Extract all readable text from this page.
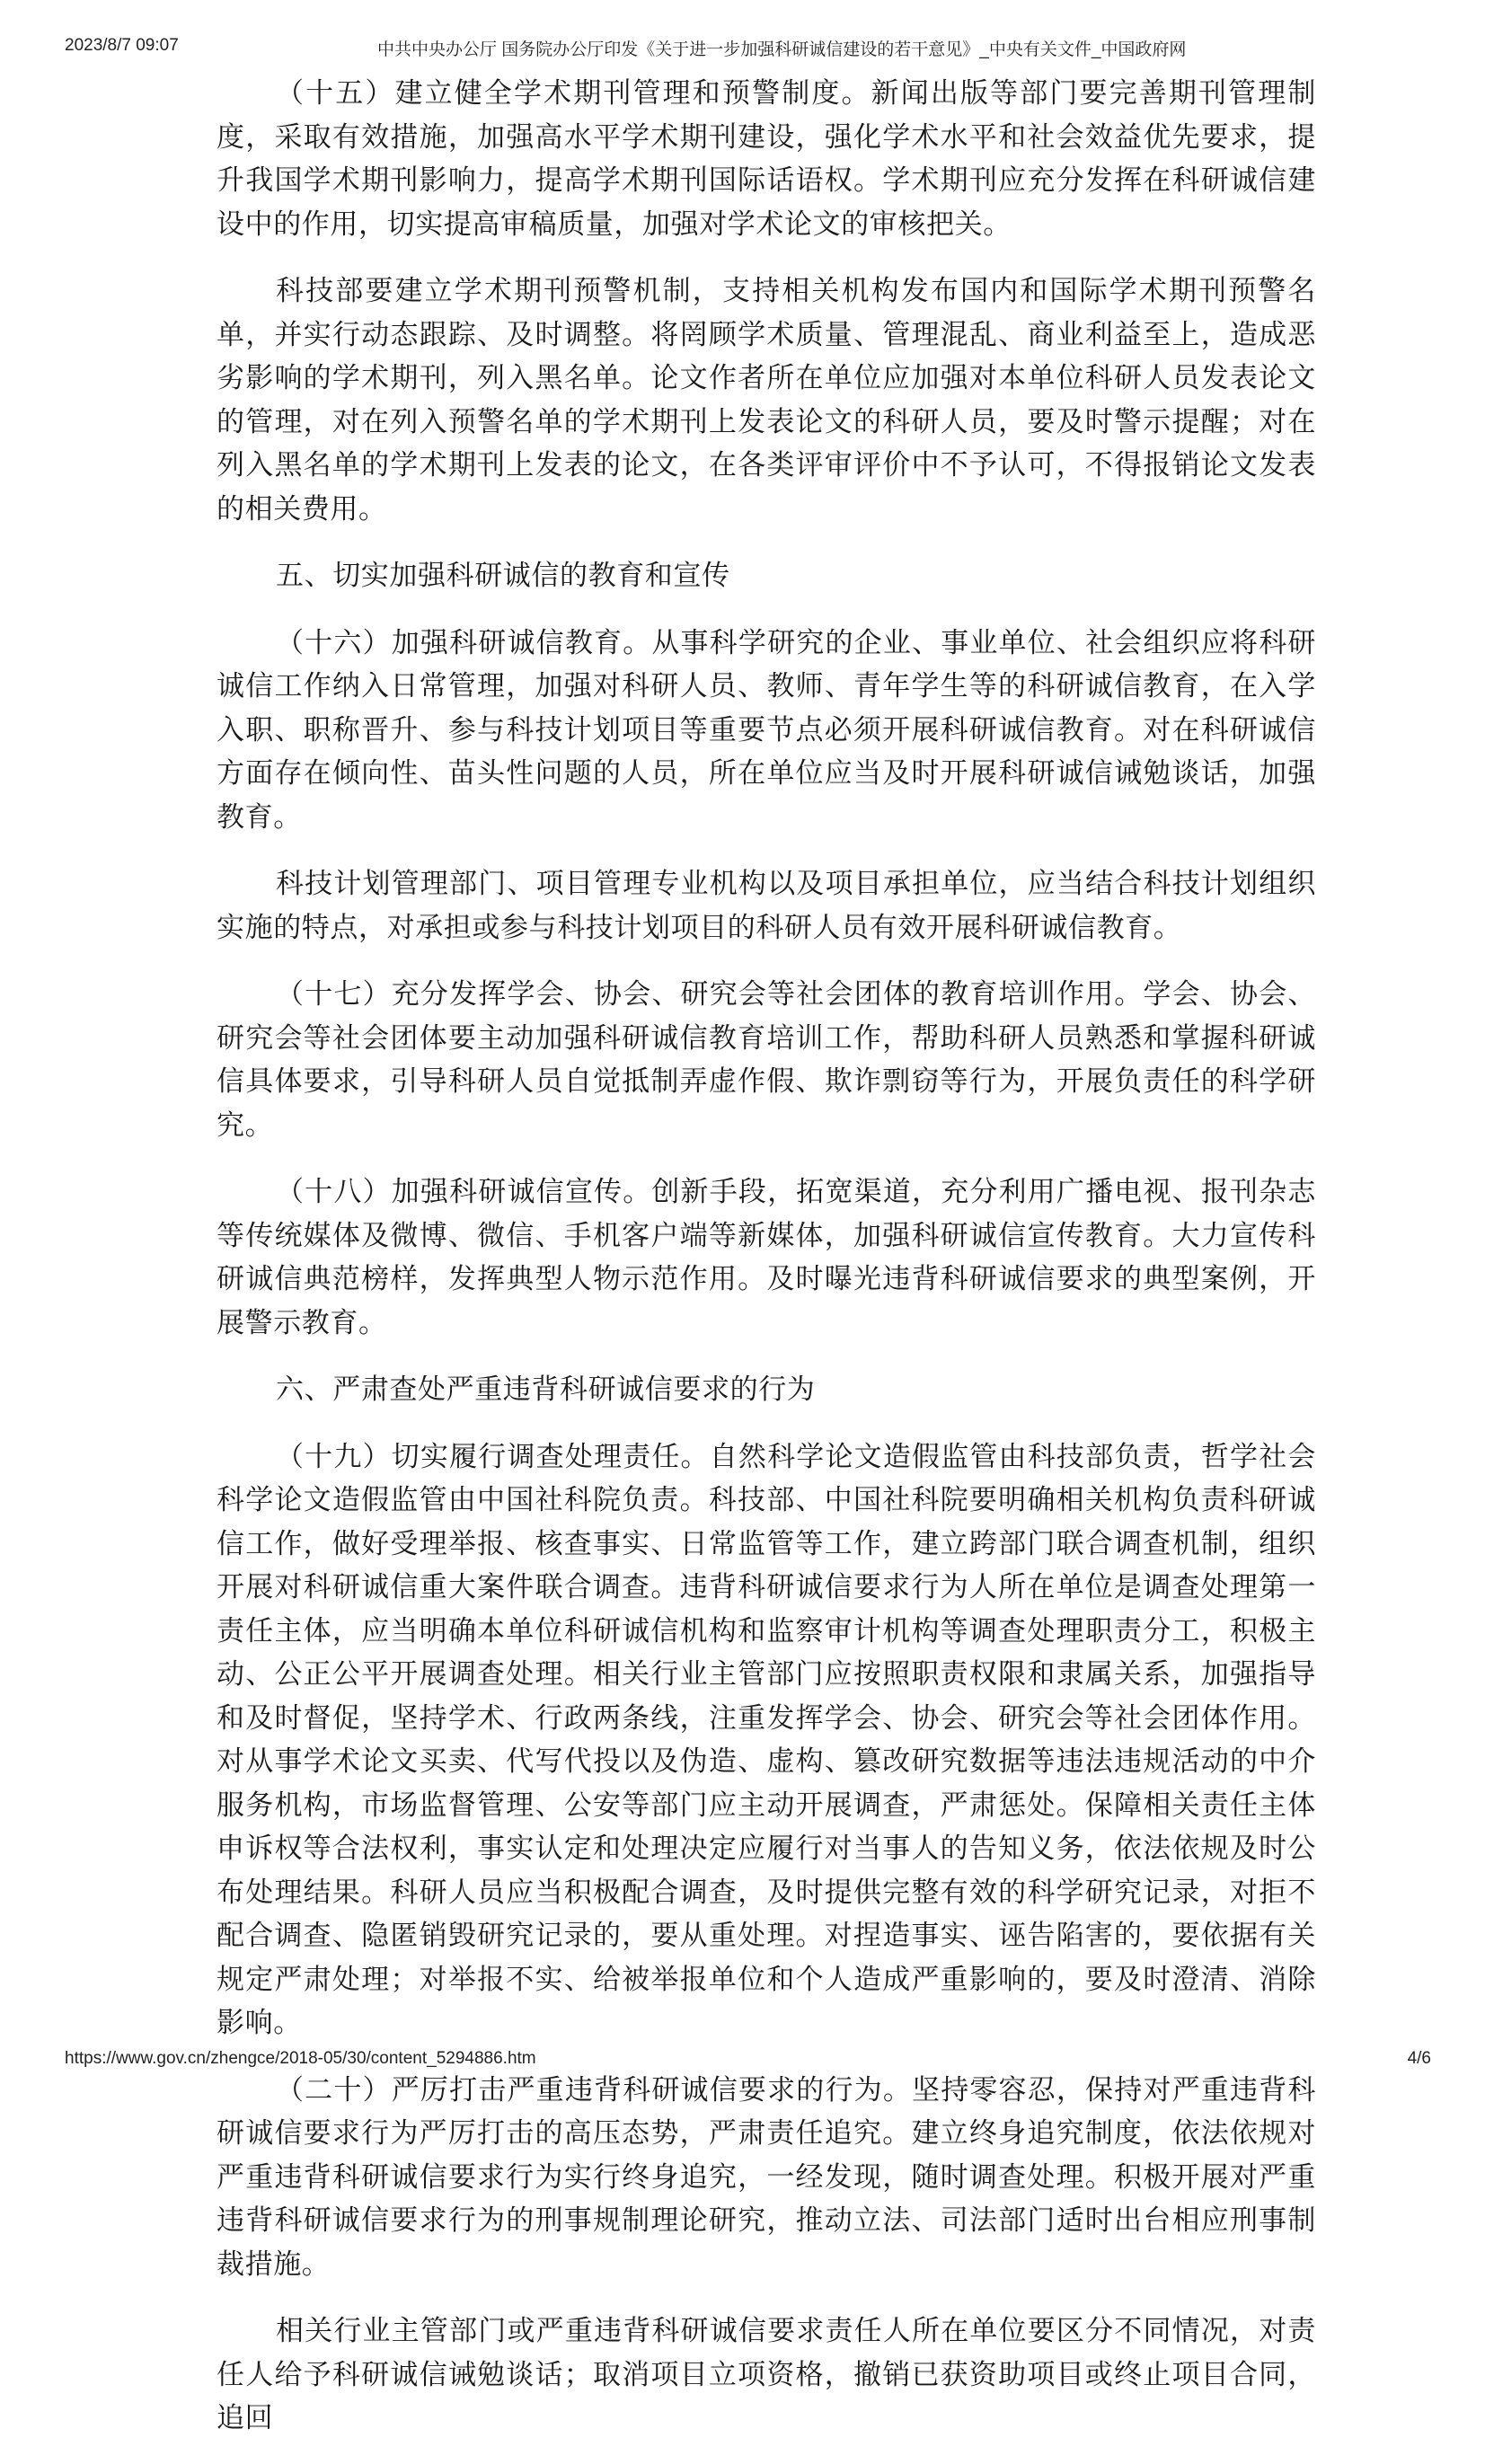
2023/8/7 09:07	中共中央办公厅 国务院办公厅印发《关于进一步加强科研诚信建设的若干意见》_中央有关文件_中国政府网

（十五）建立健全学术期刊管理和预警制度。新闻出版等部门要完善期刊管理制度，采取有效措施，加强高水平学术期刊建设，强化学术水平和社会效益优先要求，提升我国学术期刊影响力，提高学术期刊国际话语权。学术期刊应充分发挥在科研诚信建设中的作用，切实提高审稿质量，加强对学术论文的审核把关。

科技部要建立学术期刊预警机制，支持相关机构发布国内和国际学术期刊预警名单，并实行动态跟踪、及时调整。将罔顾学术质量、管理混乱、商业利益至上，造成恶劣影响的学术期刊，列入黑名单。论文作者所在单位应加强对本单位科研人员发表论文的管理，对在列入预警名单的学术期刊上发表论文的科研人员，要及时警示提醒；对在列入黑名单的学术期刊上发表的论文，在各类评审评价中不予认可，不得报销论文发表的相关费用。

五、切实加强科研诚信的教育和宣传

（十六）加强科研诚信教育。从事科学研究的企业、事业单位、社会组织应将科研诚信工作纳入日常管理，加强对科研人员、教师、青年学生等的科研诚信教育，在入学入职、职称晋升、参与科技计划项目等重要节点必须开展科研诚信教育。对在科研诚信方面存在倾向性、苗头性问题的人员，所在单位应当及时开展科研诚信诫勉谈话，加强教育。

科技计划管理部门、项目管理专业机构以及项目承担单位，应当结合科技计划组织实施的特点，对承担或参与科技计划项目的科研人员有效开展科研诚信教育。

（十七）充分发挥学会、协会、研究会等社会团体的教育培训作用。学会、协会、研究会等社会团体要主动加强科研诚信教育培训工作，帮助科研人员熟悉和掌握科研诚信具体要求，引导科研人员自觉抵制弄虚作假、欺诈剽窃等行为，开展负责任的科学研究。

（十八）加强科研诚信宣传。创新手段，拓宽渠道，充分利用广播电视、报刊杂志等传统媒体及微博、微信、手机客户端等新媒体，加强科研诚信宣传教育。大力宣传科研诚信典范榜样，发挥典型人物示范作用。及时曝光违背科研诚信要求的典型案例，开展警示教育。

六、严肃查处严重违背科研诚信要求的行为

（十九）切实履行调查处理责任。自然科学论文造假监管由科技部负责，哲学社会科学论文造假监管由中国社科院负责。科技部、中国社科院要明确相关机构负责科研诚信工作，做好受理举报、核查事实、日常监管等工作，建立跨部门联合调查机制，组织开展对科研诚信重大案件联合调查。违背科研诚信要求行为人所在单位是调查处理第一责任主体，应当明确本单位科研诚信机构和监察审计机构等调查处理职责分工，积极主动、公正公平开展调查处理。相关行业主管部门应按照职责权限和隶属关系，加强指导和及时督促，坚持学术、行政两条线，注重发挥学会、协会、研究会等社会团体作用。对从事学术论文买卖、代写代投以及伪造、虚构、篡改研究数据等违法违规活动的中介服务机构，市场监督管理、公安等部门应主动开展调查，严肃惩处。保障相关责任主体申诉权等合法权利，事实认定和处理决定应履行对当事人的告知义务，依法依规及时公布处理结果。科研人员应当积极配合调查，及时提供完整有效的科学研究记录，对拒不配合调查、隐匿销毁研究记录的，要从重处理。对捏造事实、诬告陷害的，要依据有关规定严肃处理；对举报不实、给被举报单位和个人造成严重影响的，要及时澄清、消除影响。

（二十）严厉打击严重违背科研诚信要求的行为。坚持零容忍，保持对严重违背科研诚信要求行为严厉打击的高压态势，严肃责任追究。建立终身追究制度，依法依规对严重违背科研诚信要求行为实行终身追究，一经发现，随时调查处理。积极开展对严重违背科研诚信要求行为的刑事规制理论研究，推动立法、司法部门适时出台相应刑事制裁措施。

相关行业主管部门或严重违背科研诚信要求责任人所在单位要区分不同情况，对责任人给予科研诚信诫勉谈话；取消项目立项资格，撤销已获资助项目或终止项目合同，追回

https://www.gov.cn/zhengce/2018-05/30/content_5294886.htm	4/6
